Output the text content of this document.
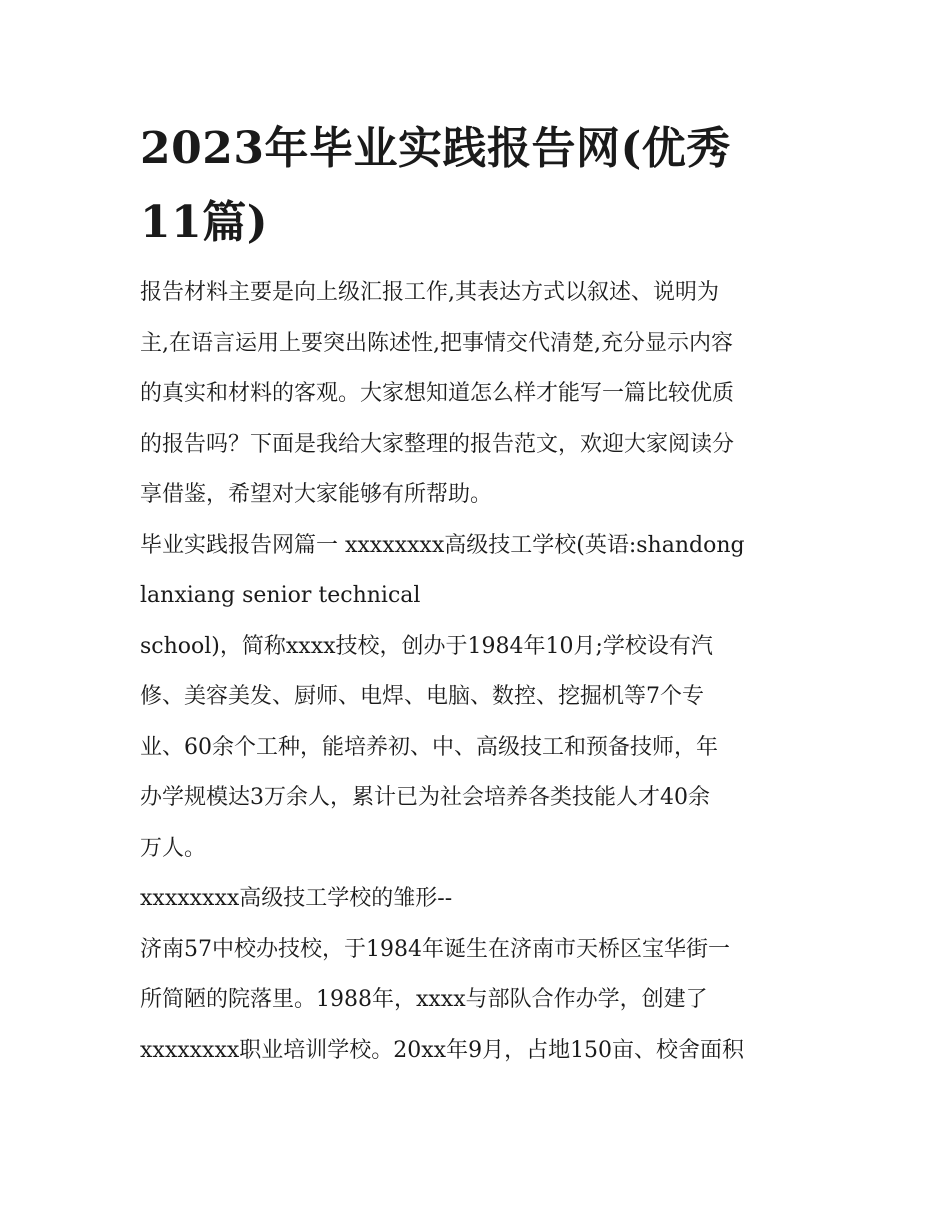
2023年毕业实践报告网(优秀
11篇)

报告材料主要是向上级汇报工作,其表达方式以叙述、说明为
主,在语言运用上要突出陈述性,把事情交代清楚,充分显示内容
的真实和材料的客观。大家想知道怎么样才能写一篇比较优质
的报告吗？下面是我给大家整理的报告范文，欢迎大家阅读分
享借鉴，希望对大家能够有所帮助。

毕业实践报告网篇一 xxxxxxxx高级技工学校(英语:shandong
lanxiang senior technical
school)，简称xxxx技校，创办于1984年10月;学校设有汽
修、美容美发、厨师、电焊、电脑、数控、挖掘机等7个专
业、60余个工种，能培养初、中、高级技工和预备技师，年
办学规模达3万余人，累计已为社会培养各类技能人才40余
万人。

xxxxxxxx高级技工学校的雏形--

济南57中校办技校，于1984年诞生在济南市天桥区宝华街一
所简陋的院落里。1988年，xxxx与部队合作办学，创建了
xxxxxxxx职业培训学校。20xx年9月，占地150亩、校舍面积
